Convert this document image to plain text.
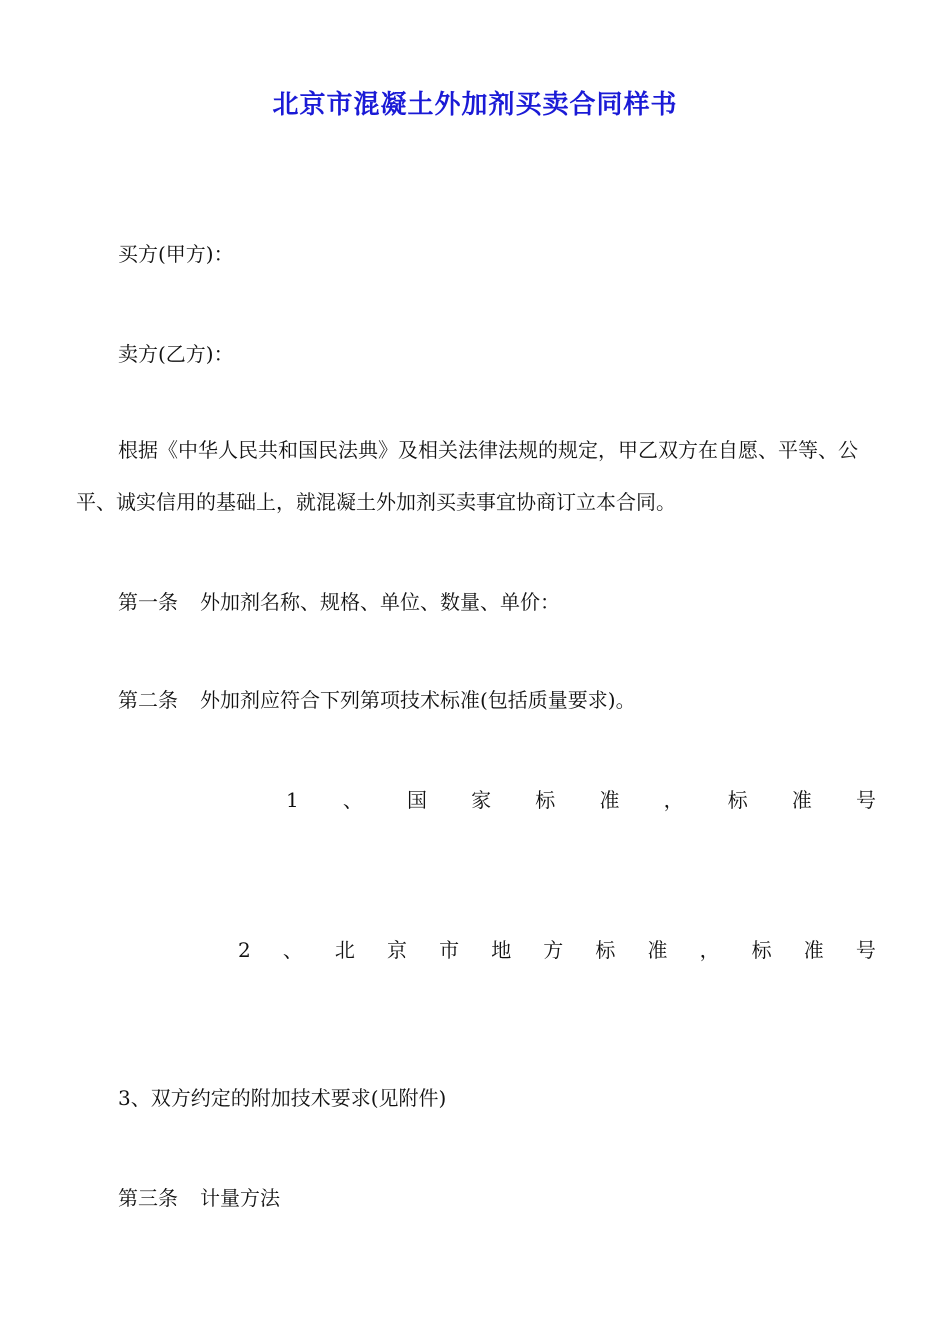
北京市混凝土外加剂买卖合同样书
买方(甲方)：
卖方(乙方)：
根据《中华人民共和国民法典》及相关法律法规的规定，甲乙双方在自愿、平等、公平、诚实信用的基础上，就混凝土外加剂买卖事宜协商订立本合同。
第一条 外加剂名称、规格、单位、数量、单价：
第二条 外加剂应符合下列第项技术标准(包括质量要求)。
1 、 国 家 标 准 ， 标 准 号
2 、 北 京 市 地 方 标 准 ， 标 准 号
3、双方约定的附加技术要求(见附件)
第三条 计量方法
